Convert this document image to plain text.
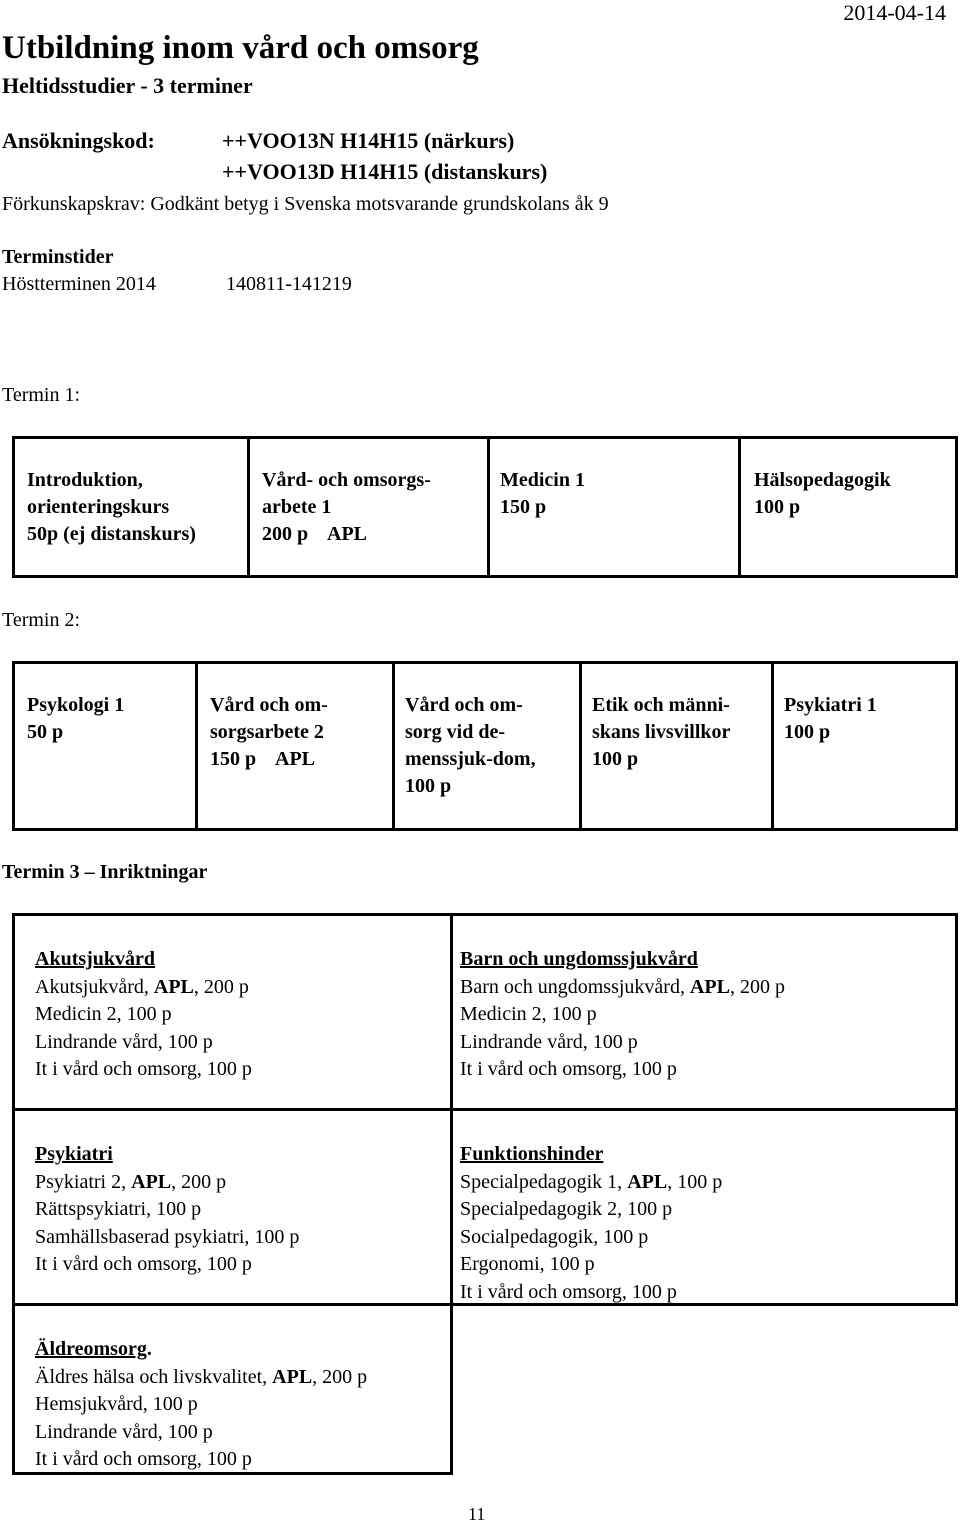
2014-04-14
Utbildning inom vård och omsorg
Heltidsstudier - 3 terminer
Ansökningskod:	++VOO13N H14H15 (närkurs)
++VOO13D H14H15 (distanskurs)
Förkunskapskrav: Godkänt betyg i Svenska motsvarande grundskolans åk 9
Terminstider
Höstterminen 2014	140811-141219
Termin 1:
Introduktion,
orienteringskurs
50p (ej distanskurs)
Vård- och omsorgs-
arbete 1
200 p    APL
Medicin 1
150 p
Hälsopedagogik
100 p
Termin 2:
Psykologi 1
50 p
Vård och om-
sorgsarbete 2
150 p    APL
Vård och om-
sorg vid de-
menssjuk-dom,
100 p
Etik och männi-
skans livsvillkor
100 p
Psykiatri 1
100 p
Termin 3 – Inriktningar
Akutsjukvård
Akutsjukvård, APL, 200 p
Medicin 2, 100 p
Lindrande vård, 100 p
It i vård och omsorg, 100 p
Barn och ungdomssjukvård
Barn och ungdomssjukvård, APL, 200 p
Medicin 2, 100 p
Lindrande vård, 100 p
It i vård och omsorg, 100 p
Psykiatri
Psykiatri 2, APL, 200 p
Rättspsykiatri, 100 p
Samhällsbaserad psykiatri, 100 p
It i vård och omsorg, 100 p
Funktionshinder
Specialpedagogik 1, APL, 100 p
Specialpedagogik 2, 100 p
Socialpedagogik, 100 p
Ergonomi, 100 p
It i vård och omsorg, 100 p
Äldreomsorg.
Äldres hälsa och livskvalitet, APL, 200 p
Hemsjukvård, 100 p
Lindrande vård, 100 p
It i vård och omsorg, 100 p
11
